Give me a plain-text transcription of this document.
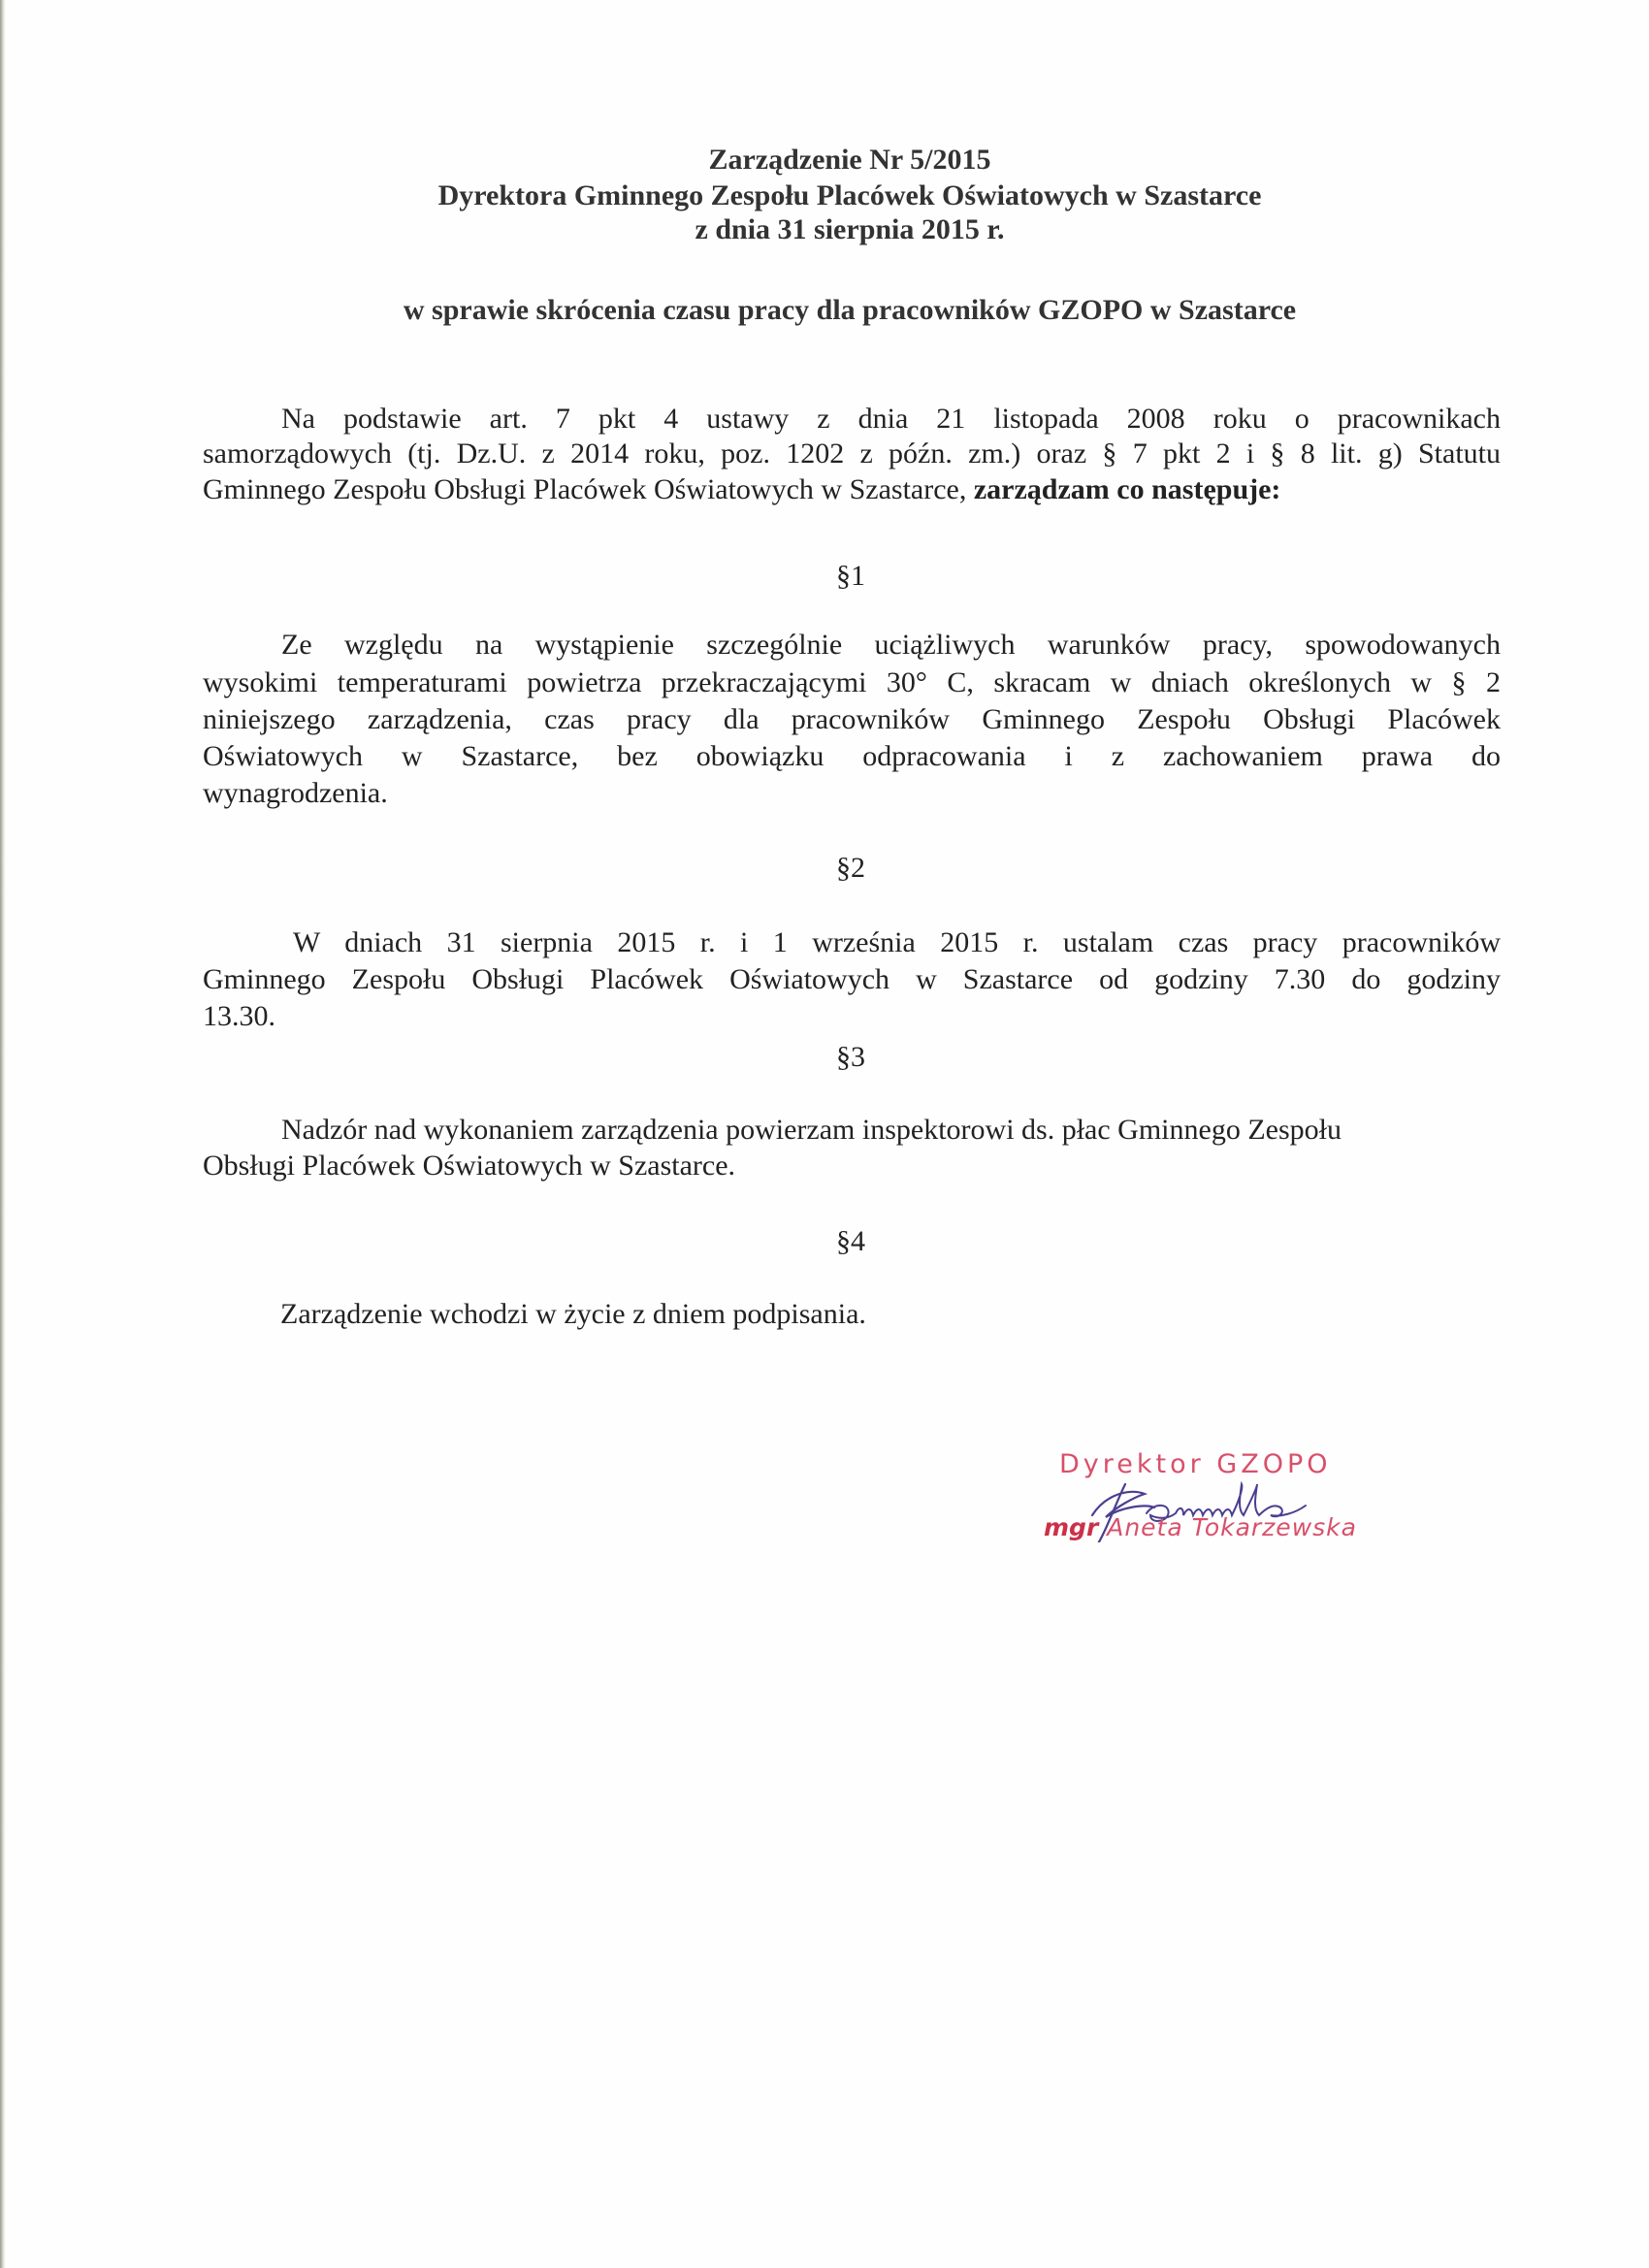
Zarządzenie Nr 5/2015
Dyrektora Gminnego Zespołu Placówek Oświatowych w Szastarce
z dnia 31 sierpnia 2015 r.
w sprawie skrócenia czasu pracy dla pracowników GZOPO w Szastarce
Na podstawie art. 7 pkt 4 ustawy z dnia 21 listopada 2008 roku o pracownikach
samorządowych (tj. Dz.U. z 2014 roku, poz. 1202 z późn. zm.) oraz § 7 pkt 2 i § 8 lit. g) Statutu
Gminnego Zespołu Obsługi Placówek Oświatowych w Szastarce, zarządzam co następuje:
§1
Ze względu na wystąpienie szczególnie uciążliwych warunków pracy, spowodowanych
wysokimi temperaturami powietrza przekraczającymi 30° C, skracam w dniach określonych w § 2
niniejszego zarządzenia, czas pracy dla pracowników Gminnego Zespołu Obsługi Placówek
Oświatowych w Szastarce, bez obowiązku odpracowania i z zachowaniem prawa do
wynagrodzenia.
§2
W dniach 31 sierpnia 2015 r. i 1 września 2015 r. ustalam czas pracy pracowników
Gminnego Zespołu Obsługi Placówek Oświatowych w Szastarce od godziny 7.30 do godziny
13.30.
§3
Nadzór nad wykonaniem zarządzenia powierzam inspektorowi ds. płac Gminnego Zespołu
Obsługi Placówek Oświatowych w Szastarce.
§4
Zarządzenie wchodzi w życie z dniem podpisania.
Dyrektor GZOPO
mgr Aneta Tokarzewska
